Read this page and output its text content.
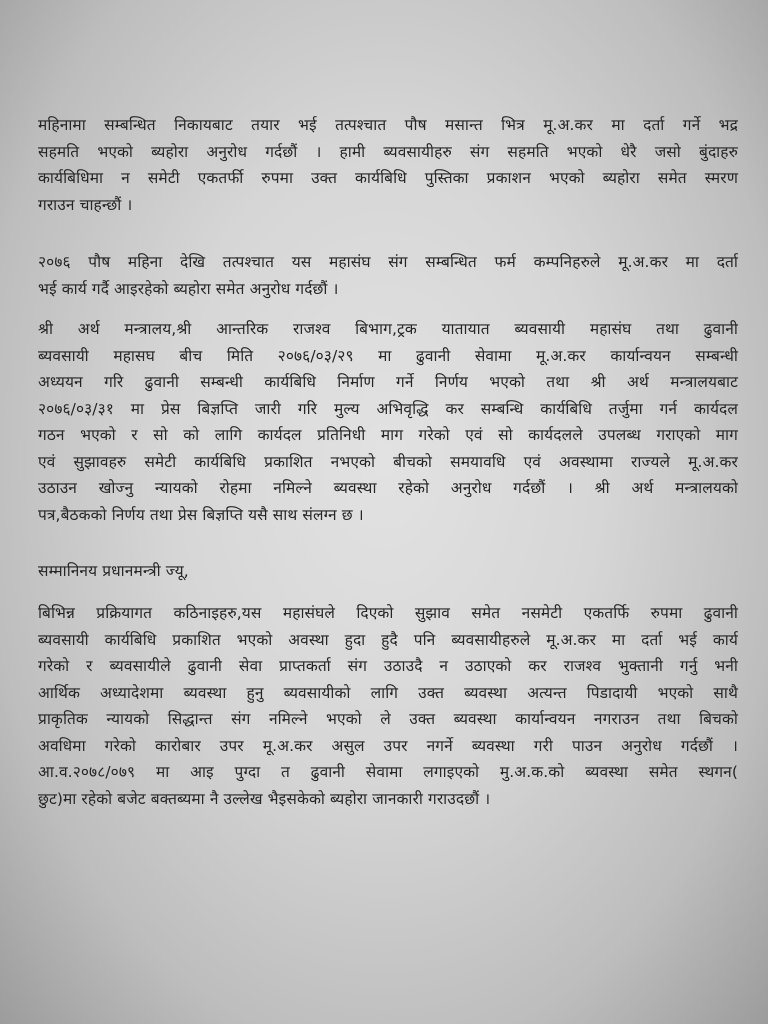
महिनामा सम्बन्धित निकायबाट तयार भई तत्पश्चात पौष मसान्त भित्र मू.अ.कर मा दर्ता गर्ने भद्र
सहमति भएको ब्यहोरा अनुरोध गर्दछौं । हामी ब्यवसायीहरु संग सहमति भएको धेरै जसो बुंदाहरु
कार्यबिधिमा न समेटी एकतर्फी रुपमा उक्त कार्यबिधि पुस्तिका प्रकाशन भएको ब्यहोरा समेत स्मरण
गराउन चाहन्छौं ।
२०७६ पौष महिना देखि तत्पश्चात यस महासंघ संग सम्बन्धित फर्म कम्पनिहरुले मू.अ.कर मा दर्ता
भई कार्य गर्दै आइरहेको ब्यहोरा समेत अनुरोध गर्दछौं ।
श्री अर्थ मन्त्रालय,श्री आन्तरिक राजश्व बिभाग,ट्रक यातायात ब्यवसायी महासंघ तथा ढुवानी
ब्यवसायी महासघ बीच मिति २०७६/०३/२९ मा ढुवानी सेवामा मू.अ.कर कार्यान्वयन सम्बन्धी
अध्ययन गरि ढुवानी सम्बन्धी कार्यबिधि निर्माण गर्ने निर्णय भएको तथा श्री अर्थ मन्त्रालयबाट
२०७६/०३/३१ मा प्रेस बिज्ञप्ति जारी गरि मुल्य अभिवृद्धि कर सम्बन्धि कार्यबिधि तर्जुमा गर्न कार्यदल
गठन भएको र सो को लागि कार्यदल प्रतिनिधी माग गरेको एवं सो कार्यदलले उपलब्ध गराएको माग
एवं सुझावहरु समेटी कार्यबिधि प्रकाशित नभएको बीचको समयावधि एवं अवस्थामा राज्यले मू.अ.कर
उठाउन खोज्नु न्यायको रोहमा नमिल्ने ब्यवस्था रहेको अनुरोध गर्दछौं । श्री अर्थ मन्त्रालयको
पत्र,बैठकको निर्णय तथा प्रेस बिज्ञप्ति यसै साथ संलग्न छ ।
सम्मानिनय प्रधानमन्त्री ज्यू,
बिभिन्न प्रक्रियागत कठिनाइहरु,यस महासंघले दिएको सुझाव समेत नसमेटी एकतर्फि रुपमा ढुवानी
ब्यवसायी कार्यबिधि प्रकाशित भएको अवस्था हुदा हुदै पनि ब्यवसायीहरुले मू.अ.कर मा दर्ता भई कार्य
गरेको र ब्यवसायीले ढुवानी सेवा प्राप्तकर्ता संग उठाउदै न उठाएको कर राजश्व भुक्तानी गर्नु भनी
आर्थिक अध्यादेशमा ब्यवस्था हुनु ब्यवसायीको लागि उक्त ब्यवस्था अत्यन्त पिडादायी भएको साथै
प्राकृतिक न्यायको सिद्धान्त संग नमिल्ने भएको ले उक्त ब्यवस्था कार्यान्वयन नगराउन तथा बिचको
अवधिमा गरेको कारोबार उपर मू.अ.कर असुल उपर नगर्ने ब्यवस्था गरी पाउन अनुरोध गर्दछौं ।
आ.व.२०७८/०७९ मा आइ पुग्दा त ढुवानी सेवामा लगाइएको मु.अ.क.को ब्यवस्था समेत स्थगन(
छुट)मा रहेको बजेट बक्तब्यमा नै उल्लेख भैइसकेको ब्यहोरा जानकारी गराउदछौं ।
